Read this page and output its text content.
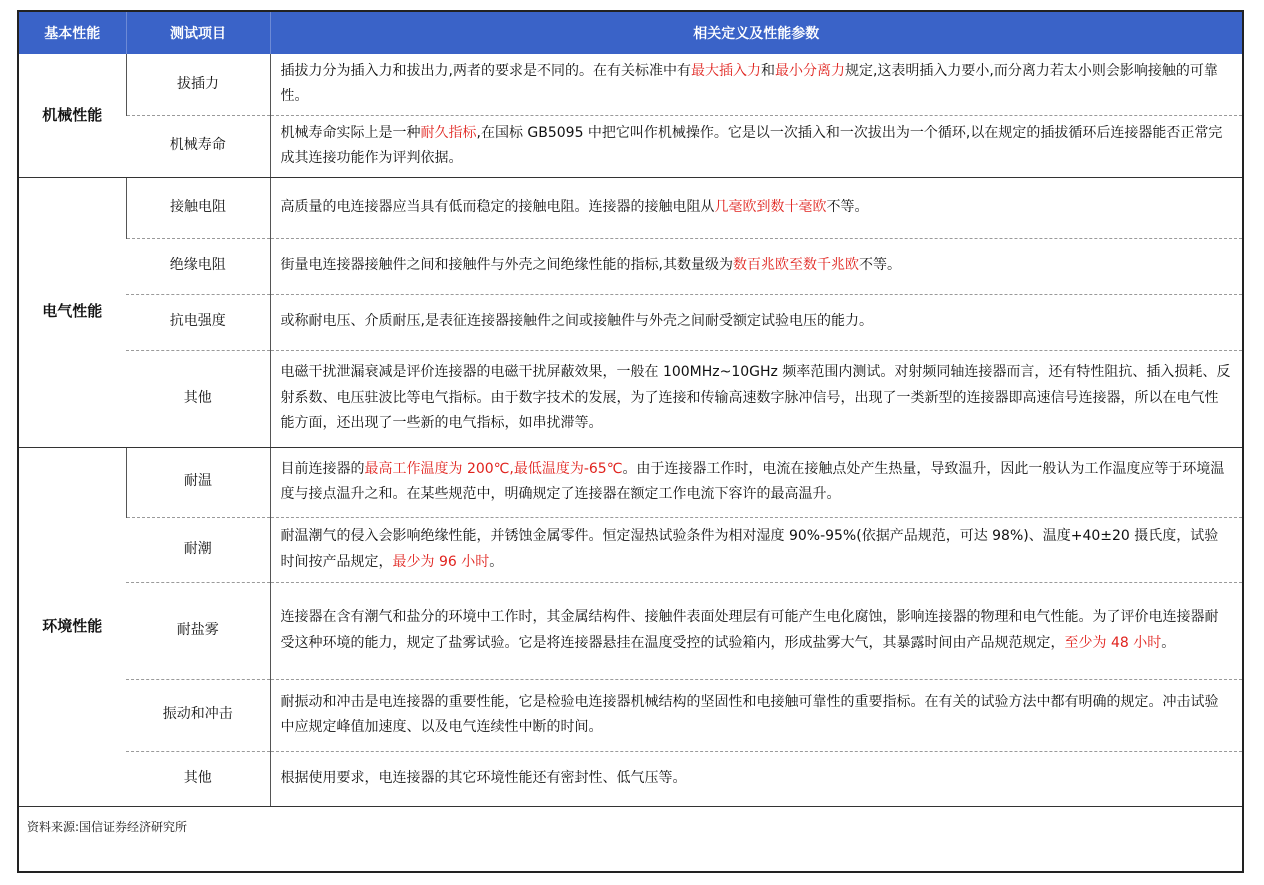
基本性能	测试项目	相关定义及性能参数
机械性能	拔插力	插拔力分为插入力和拔出力,两者的要求是不同的。在有关标准中有最大插入力和最小分离力规定,这表明插入力要小,而分离力若太小则会影响接触的可靠性。
	机械寿命	机械寿命实际上是一种耐久指标,在国标 GB5095 中把它叫作机械操作。它是以一次插入和一次拔出为一个循环,以在规定的插拔循环后连接器能否正常完成其连接功能作为评判依据。
电气性能	接触电阻	高质量的电连接器应当具有低而稳定的接触电阻。连接器的接触电阻从几毫欧到数十毫欧不等。
	绝缘电阻	街量电连接器接触件之间和接触件与外壳之间绝缘性能的指标,其数量级为数百兆欧至数千兆欧不等。
	抗电强度	或称耐电压、介质耐压,是表征连接器接触件之间或接触件与外壳之间耐受额定试验电压的能力。
	其他	电磁干扰泄漏衰减是评价连接器的电磁干扰屏蔽效果，一般在 100MHz~10GHz 频率范围内测试。对射频同轴连接器而言，还有特性阻抗、插入损耗、反射系数、电压驻波比等电气指标。由于数字技术的发展，为了连接和传输高速数字脉冲信号，出现了一类新型的连接器即高速信号连接器，所以在电气性能方面，还出现了一些新的电气指标，如串扰滞等。
环境性能	耐温	目前连接器的最高工作温度为 200℃,最低温度为-65℃。由于连接器工作时，电流在接触点处产生热量，导致温升，因此一般认为工作温度应等于环境温度与接点温升之和。在某些规范中，明确规定了连接器在额定工作电流下容许的最高温升。
	耐潮	耐温潮气的侵入会影响绝缘性能，并锈蚀金属零件。恒定湿热试验条件为相对湿度 90%-95%(依据产品规范，可达 98%)、温度+40±20 摄氏度，试验时间按产品规定，最少为 96 小时。
	耐盐雾	连接器在含有潮气和盐分的环境中工作时，其金属结构件、接触件表面处理层有可能产生电化腐蚀，影响连接器的物理和电气性能。为了评价电连接器耐受这种环境的能力，规定了盐雾试验。它是将连接器悬挂在温度受控的试验箱内，形成盐雾大气，其暴露时间由产品规范规定，至少为 48 小时。
	振动和冲击	耐振动和冲击是电连接器的重要性能，它是检验电连接器机械结构的坚固性和电接触可靠性的重要指标。在有关的试验方法中都有明确的规定。冲击试验中应规定峰值加速度、以及电气连续性中断的时间。
	其他	根据使用要求，电连接器的其它环境性能还有密封性、低气压等。
资料来源:国信证券经济研究所		
